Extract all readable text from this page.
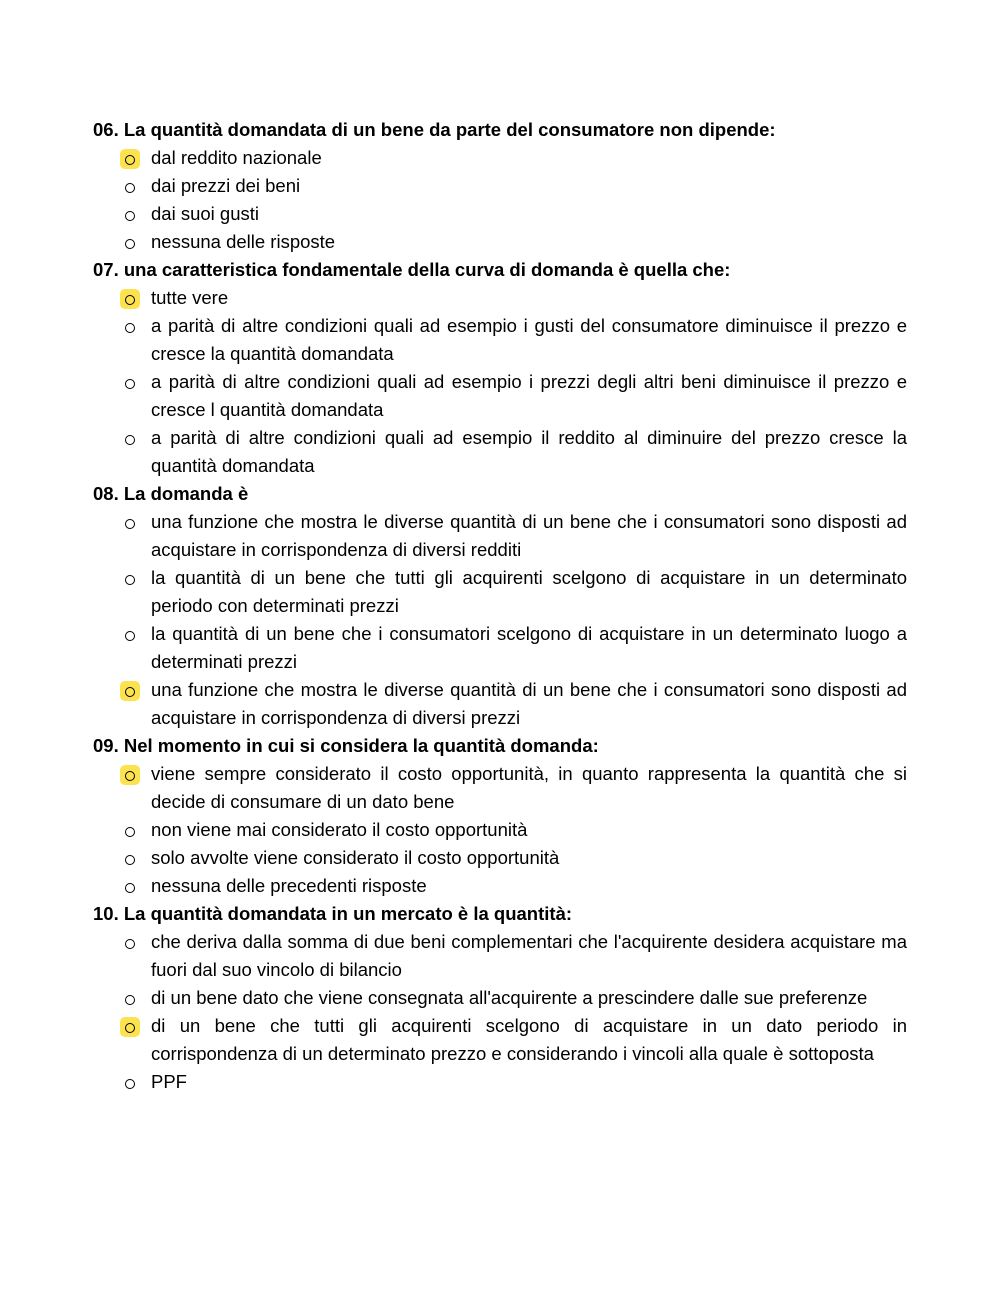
06. La quantità domandata di un bene da parte del consumatore non dipende:
dal reddito nazionale
dai prezzi dei beni
dai suoi gusti
nessuna delle risposte
07. una caratteristica fondamentale della curva di domanda è quella che:
tutte vere
a parità di altre condizioni quali ad esempio i gusti del consumatore diminuisce il prezzo e cresce la quantità domandata
a parità di altre condizioni quali ad esempio i prezzi degli altri beni diminuisce il prezzo e cresce l quantità domandata
a parità di altre condizioni quali ad esempio il reddito al diminuire del prezzo cresce la quantità domandata
08. La domanda è
una funzione che mostra le diverse quantità di un bene che i consumatori sono disposti ad acquistare in corrispondenza di diversi redditi
la quantità di un bene che tutti gli acquirenti scelgono di acquistare in un determinato periodo con determinati prezzi
la quantità di un bene che i consumatori scelgono di acquistare in un determinato luogo a determinati prezzi
una funzione che mostra le diverse quantità di un bene che i consumatori sono disposti ad acquistare in corrispondenza di diversi prezzi
09. Nel momento in cui si considera la quantità domanda:
viene sempre considerato il costo opportunità, in quanto rappresenta la quantità che si decide di consumare di un dato bene
non viene mai considerato il costo opportunità
solo avvolte viene considerato il costo opportunità
nessuna delle precedenti risposte
10. La quantità domandata in un mercato è la quantità:
che deriva dalla somma di due beni complementari che l'acquirente desidera acquistare ma fuori dal suo vincolo di bilancio
di un bene dato che viene consegnata all'acquirente a prescindere dalle sue preferenze
di un bene che tutti gli acquirenti scelgono di acquistare in un dato periodo in corrispondenza di un determinato prezzo e considerando i vincoli alla quale è sottoposta
PPF
